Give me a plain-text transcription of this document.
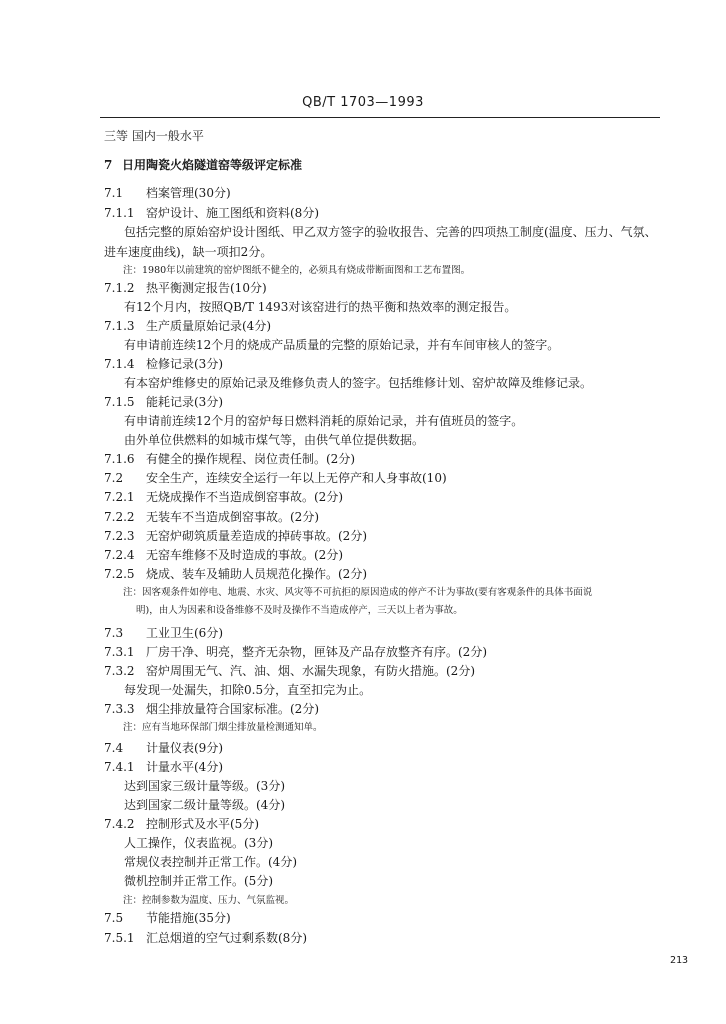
QB/T 1703—1993
三等 国内一般水平
7 日用陶瓷火焰隧道窑等级评定标准
7.1 档案管理(30分)
7.1.1 窑炉设计、施工图纸和资料(8分)
包括完整的原始窑炉设计图纸、甲乙双方签字的验收报告、完善的四项热工制度(温度、压力、气氛、
进车速度曲线)，缺一项扣2分。
注：1980年以前建筑的窑炉图纸不健全的，必须具有烧成带断面图和工艺布置图。
7.1.2 热平衡测定报告(10分)
有12个月内，按照QB/T 1493对该窑进行的热平衡和热效率的测定报告。
7.1.3 生产质量原始记录(4分)
有申请前连续12个月的烧成产品质量的完整的原始记录，并有车间审核人的签字。
7.1.4 检修记录(3分)
有本窑炉维修史的原始记录及维修负责人的签字。包括维修计划、窑炉故障及维修记录。
7.1.5 能耗记录(3分)
有申请前连续12个月的窑炉每日燃料消耗的原始记录，并有值班员的签字。
由外单位供燃料的如城市煤气等，由供气单位提供数据。
7.1.6 有健全的操作规程、岗位责任制。(2分)
7.2 安全生产，连续安全运行一年以上无停产和人身事故(10)
7.2.1 无烧成操作不当造成倒窑事故。(2分)
7.2.2 无装车不当造成倒窑事故。(2分)
7.2.3 无窑炉砌筑质量差造成的掉砖事故。(2分)
7.2.4 无窑车维修不及时造成的事故。(2分)
7.2.5 烧成、装车及辅助人员规范化操作。(2分)
注：因客观条件如停电、地震、水灾、风灾等不可抗拒的原因造成的停产不计为事故(要有客观条件的具体书面说
明)，由人为因素和设备维修不及时及操作不当造成停产，三天以上者为事故。
7.3 工业卫生(6分)
7.3.1 厂房干净、明亮，整齐无杂物，匣钵及产品存放整齐有序。(2分)
7.3.2 窑炉周围无气、汽、油、烟、水漏失现象，有防火措施。(2分)
每发现一处漏失，扣除0.5分，直至扣完为止。
7.3.3 烟尘排放量符合国家标准。(2分)
注：应有当地环保部门烟尘排放量检测通知单。
7.4 计量仪表(9分)
7.4.1 计量水平(4分)
达到国家三级计量等级。(3分)
达到国家二级计量等级。(4分)
7.4.2 控制形式及水平(5分)
人工操作，仪表监视。(3分)
常规仪表控制并正常工作。(4分)
微机控制并正常工作。(5分)
注：控制参数为温度、压力、气氛监视。
7.5 节能措施(35分)
7.5.1 汇总烟道的空气过剩系数(8分)
213
